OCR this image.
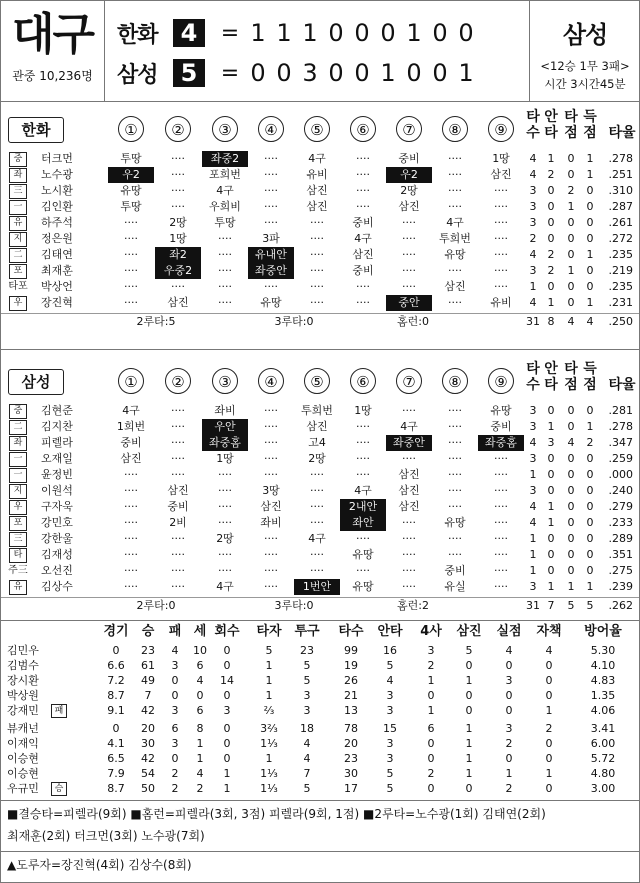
대구
관중 10,236명
한화 4	= 1 1 1 0 0 0 1 0 0
삼성 5	= 0 0 3 0 0 1 0 0 1
삼성
<12승 1무 3패>
시간 3시간45분
한화	①	②	③	④	⑤	⑥	⑦	⑧	⑨
타수
안타
타점
득점 타율
중	터크먼	투땅	····	좌중2	····	4구	····	중비	····	1땅	4	1	0	1	.278
좌	노수광	우2	····	포희번	····	유비	····	우2	····	삼진	4	2	0	1	.251
三	노시환	유땅	····	4구	····	삼진	····	2땅	····	····	3	0	2	0	.310
一	김인환	투땅	····	우희비	····	삼진	····	삼진	····	····	3	0	1	0	.287
유	하주석	····	2땅	투땅	····	····	중비	····	4구	····	3	0	0	0	.261
지	정은원	····	1땅	····	3파	····	4구	····	투희번	····	2	0	0	0	.272
二	김태연	····	좌2	····	유내안	····	삼진	····	유땅	····	4	2	0	1	.235
포	최재훈	····	우중2	····	좌중안	····	중비	····	····	····	3	2	1	0	.219
타포	박상언	····	····	····	····	····	····	····	삼진	····	1	0	0	0	.235
우	장진혁	····	삼진	····	유땅	····	····	중안	····	유비	4	1	0	1	.231
2루타:5	3루타:0	홈런:0	31 8	4	4	.250
삼성	①	②	③	④	⑤	⑥	⑦	⑧	⑨
타수
안타
타점
득점 타율
중	김현준	4구	····	좌비	····	투희번	1땅	····	····	유땅	3	0	0	0	.281
二	김지찬	1희번	····	우안	····	삼진	····	4구	····	중비	3	1	0	1	.278
좌	피렐라	중비	····	좌중홈	····	고4	····	좌중안	····	좌중홈	4	3	4	2	.347
一	오재일	삼진	····	1땅	····	2땅	····	····	····	····	3	0	0	0	.259
一	윤정빈	····	····	····	····	····	····	삼진	····	····	1	0	0	0	.000
지	이원석	····	삼진	····	3땅	····	4구	삼진	····	····	3	0	0	0	.240
우	구자욱	····	중비	····	삼진	····	2내안	삼진	····	····	4	1	0	0	.279
포	강민호	····	2비	····	좌비	····	좌안	····	유땅	····	4	1	0	0	.233
三	강한울	····	····	2땅	····	4구	····	····	····	····	1	0	0	0	.289
타	김재성	····	····	····	····	····	유땅	····	····	····	1	0	0	0	.351
주三 오선진	····	····	····	····	····	····	····	중비	····	1	0	0	0	.275
유	김상수	····	····	4구	····	1번안	유땅	····	유실	····	3	1	1	1	.239
2루타:0	3루타:0	홈런:2	31 7	5	5	.262
경기	승	패 세 회수	타자 투구	타수	안타	4사	삼진	실점	자책	방어율
김민우	0	23	4	10	0	5	23	99	16	3	5	4	4	5.30
김범수	6.6	61	3	6	0	1	5	19	5	2	0	0	0	4.10
장시환	7.2	49	0	4	14	1	5	26	4	1	1	3	0	4.83
박상원	8.7	7	0	0	0	1	3	21	3	0	0	0	0	1.35
강재민	패	9.1	42	3	6	3	⅔	3	13	3	1	0	0	1	4.06
뷰캐넌	0	20	6	8	0	3⅔	18	78	15	6	1	3	2	3.41
이재익	4.1	30	3	1	0	1⅓	4	20	3	0	1	2	0	6.00
이승현	6.5	42	0	1	0	1	4	23	3	0	1	0	0	5.72
이승현	7.9	54	2	4	1	1⅓	7	30	5	2	1	1	1	4.80
우규민	승	8.7	50	2	2	1	1⅓	5	17	5	0	0	2	0	3.00
■결승타=피렐라(9회) ■홈런=피렐라(3회, 3점) 피렐라(9회, 1점) ■2루타=노수광(1회) 김태연(2회)
최재훈(2회) 터크먼(3회) 노수광(7회)
▲도루자=장진혁(4회) 김상수(8회)
